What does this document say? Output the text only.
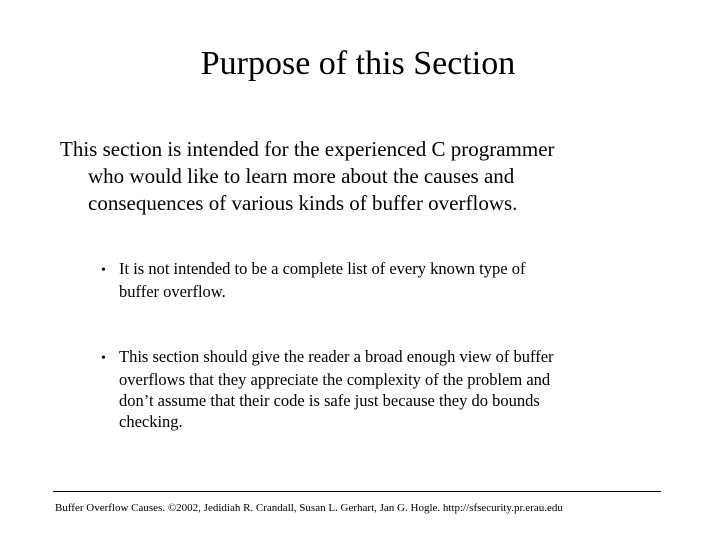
Purpose of this Section
This section is intended for the experienced C programmer
who would like to learn more about the causes and
consequences of various kinds of buffer overflows.
• It is not intended to be a complete list of every known type of
buffer overflow.
• This section should give the reader a broad enough view of buffer
overflows that they appreciate the complexity of the problem and
don’t assume that their code is safe just because they do bounds
checking.
Buffer Overflow Causes. ©2002, Jedidiah R. Crandall, Susan L. Gerhart, Jan G. Hogle. http://sfsecurity.pr.erau.edu
